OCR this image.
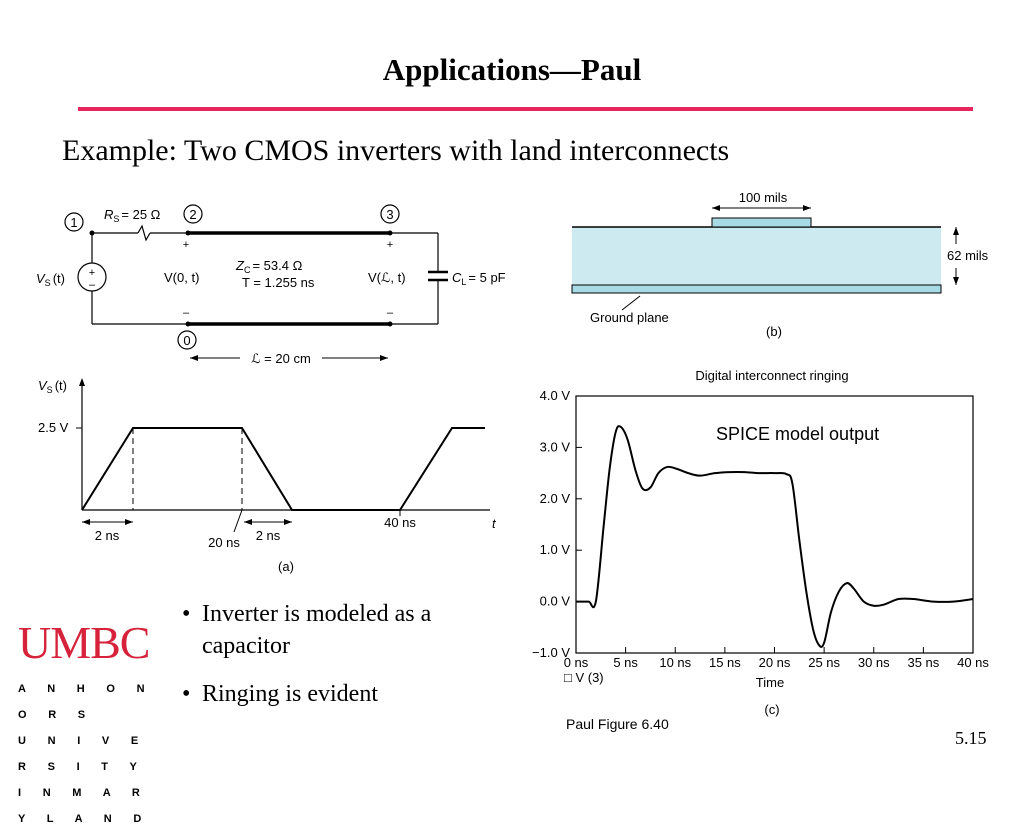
Applications—Paul
Example: Two CMOS inverters with land interconnects
1
2	3
0
+
–
$R_S = 25$ Ω
$V_S$ (t)
+	+
–	–
V(0, t)	V(ℒ, t)
$Z_C = 53.4$ Ω
T = 1.255 ns	$C_L = 5$ pF
ℒ = 20 cm
100 mils
62 mils
Ground plane
(b)
$V_S$ (t)
2.5 V
2 ns	20 ns 2 ns
40 ns	t
(a)
Digital interconnect ringing
4.0 V
3.0 V
2.0 V
1.0 V
0.0 V
−1.0 V
0 ns 5 ns 10 ns 15 ns 20 ns 25 ns 30 ns 35 ns 40 ns
Time
□ V (3)
(c)
SPICE model output
• Inverter is modeled as a capacitor
• Ringing is evident
UMBC
A N H O N O R S
U N I V E R S I T Y
I N M A R Y L A N D
Paul Figure 6.40
5.15
